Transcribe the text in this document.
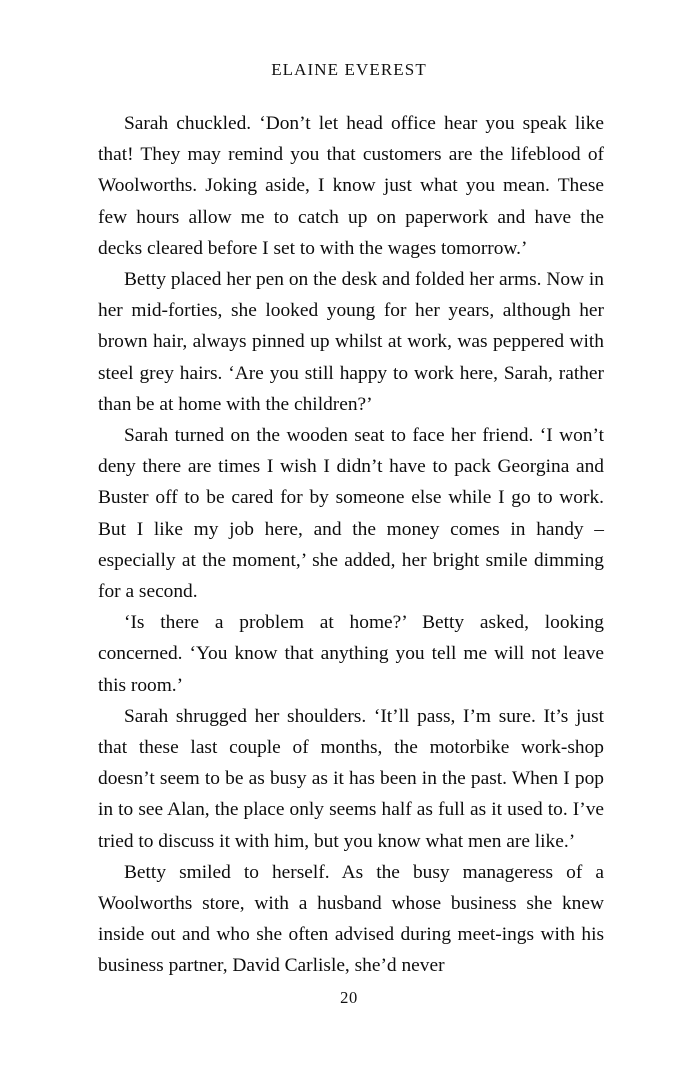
ELAINE EVEREST

Sarah chuckled. ‘Don’t let head office hear you speak like that! They may remind you that customers are the lifeblood of Woolworths. Joking aside, I know just what you mean. These few hours allow me to catch up on paperwork and have the decks cleared before I set to with the wages tomorrow.’

Betty placed her pen on the desk and folded her arms. Now in her mid-forties, she looked young for her years, although her brown hair, always pinned up whilst at work, was peppered with steel grey hairs. ‘Are you still happy to work here, Sarah, rather than be at home with the children?’

Sarah turned on the wooden seat to face her friend. ‘I won’t deny there are times I wish I didn’t have to pack Georgina and Buster off to be cared for by someone else while I go to work. But I like my job here, and the money comes in handy – especially at the moment,’ she added, her bright smile dimming for a second.

‘Is there a problem at home?’ Betty asked, looking concerned. ‘You know that anything you tell me will not leave this room.’

Sarah shrugged her shoulders. ‘It’ll pass, I’m sure. It’s just that these last couple of months, the motorbike work-shop doesn’t seem to be as busy as it has been in the past. When I pop in to see Alan, the place only seems half as full as it used to. I’ve tried to discuss it with him, but you know what men are like.’

Betty smiled to herself. As the busy manageress of a Woolworths store, with a husband whose business she knew inside out and who she often advised during meet-ings with his business partner, David Carlisle, she’d never

20
